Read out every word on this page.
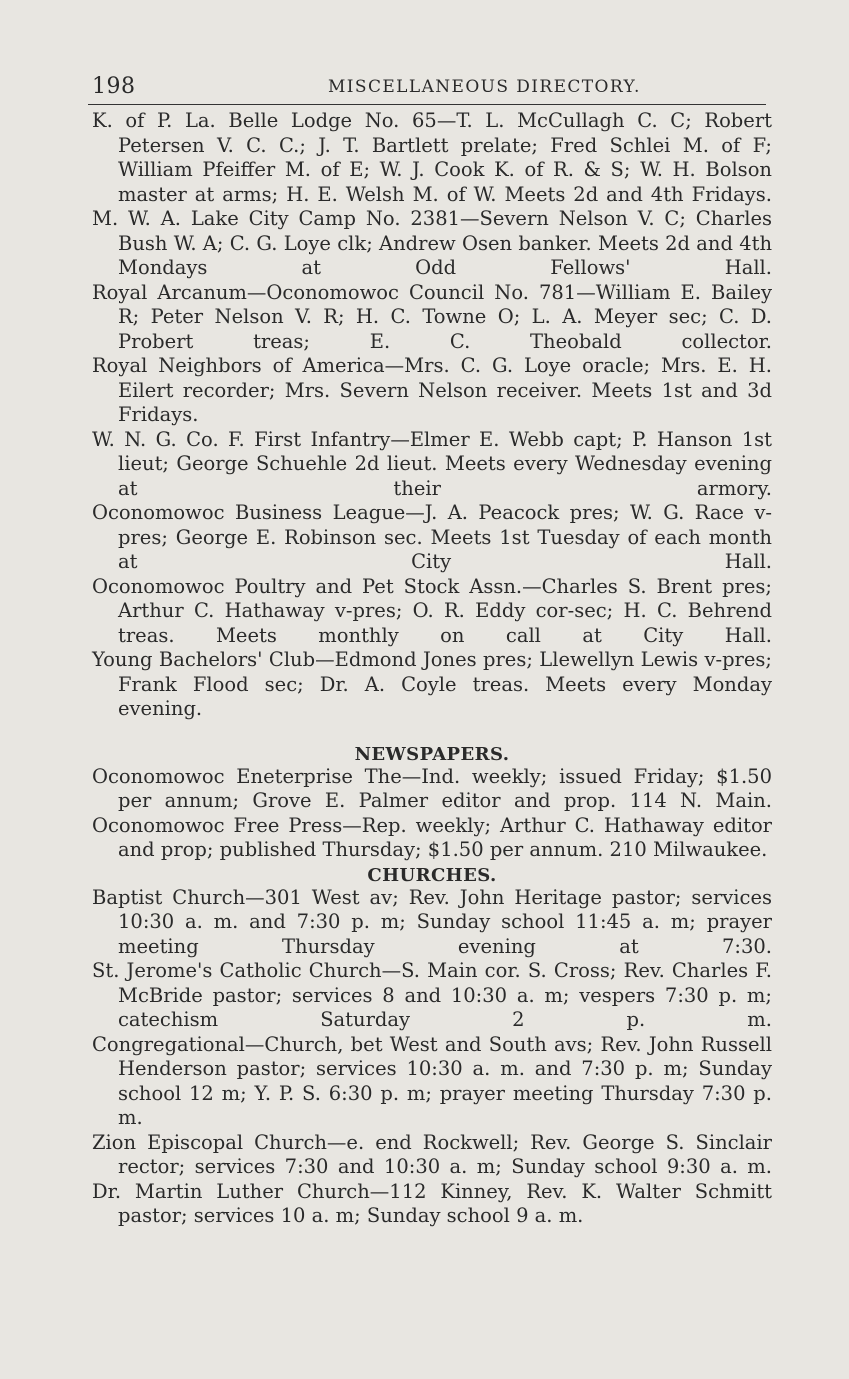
198	MISCELLANEOUS DIRECTORY.

K. of P. La. Belle Lodge No. 65—T. L. McCullagh C. C; Robert Petersen V. C. C.; J. T. Bartlett prelate; Fred Schlei M. of F; William Pfeiffer M. of E; W. J. Cook K. of R. & S; W. H. Bolson master at arms; H. E. Welsh M. of W. Meets 2d and 4th Fridays.

M. W. A. Lake City Camp No. 2381—Severn Nelson V. C; Charles Bush W. A; C. G. Loye clk; Andrew Osen banker. Meets 2d and 4th Mondays at Odd Fellows' Hall.

Royal Arcanum—Oconomowoc Council No. 781—William E. Bailey R; Peter Nelson V. R; H. C. Towne O; L. A. Meyer sec; C. D. Probert treas; E. C. Theobald collector.

Royal Neighbors of America—Mrs. C. G. Loye oracle; Mrs. E. H. Eilert recorder; Mrs. Severn Nelson receiver. Meets 1st and 3d Fridays.

W. N. G. Co. F. First Infantry—Elmer E. Webb capt; P. Hanson 1st lieut; George Schuehle 2d lieut. Meets every Wednesday evening at their armory.

Oconomowoc Business League—J. A. Peacock pres; W. G. Race v-pres; George E. Robinson sec. Meets 1st Tuesday of each month at City Hall.

Oconomowoc Poultry and Pet Stock Assn.—Charles S. Brent pres; Arthur C. Hathaway v-pres; O. R. Eddy cor-sec; H. C. Behrend treas. Meets monthly on call at City Hall.

Young Bachelors' Club—Edmond Jones pres; Llewellyn Lewis v-pres; Frank Flood sec; Dr. A. Coyle treas. Meets every Monday evening.

NEWSPAPERS.

Oconomowoc Eneterprise The—Ind. weekly; issued Friday; $1.50 per annum; Grove E. Palmer editor and prop. 114 N. Main.

Oconomowoc Free Press—Rep. weekly; Arthur C. Hathaway editor and prop; published Thursday; $1.50 per annum. 210 Milwaukee.

CHURCHES.

Baptist Church—301 West av; Rev. John Heritage pastor; services 10:30 a. m. and 7:30 p. m; Sunday school 11:45 a. m; prayer meeting Thursday evening at 7:30.

St. Jerome's Catholic Church—S. Main cor. S. Cross; Rev. Charles F. McBride pastor; services 8 and 10:30 a. m; vespers 7:30 p. m; catechism Saturday 2 p. m.

Congregational—Church, bet West and South avs; Rev. John Russell Henderson pastor; services 10:30 a. m. and 7:30 p. m; Sunday school 12 m; Y. P. S. 6:30 p. m; prayer meeting Thursday 7:30 p. m.

Zion Episcopal Church—e. end Rockwell; Rev. George S. Sinclair rector; services 7:30 and 10:30 a. m; Sunday school 9:30 a. m.

Dr. Martin Luther Church—112 Kinney, Rev. K. Walter Schmitt pastor; services 10 a. m; Sunday school 9 a. m.
